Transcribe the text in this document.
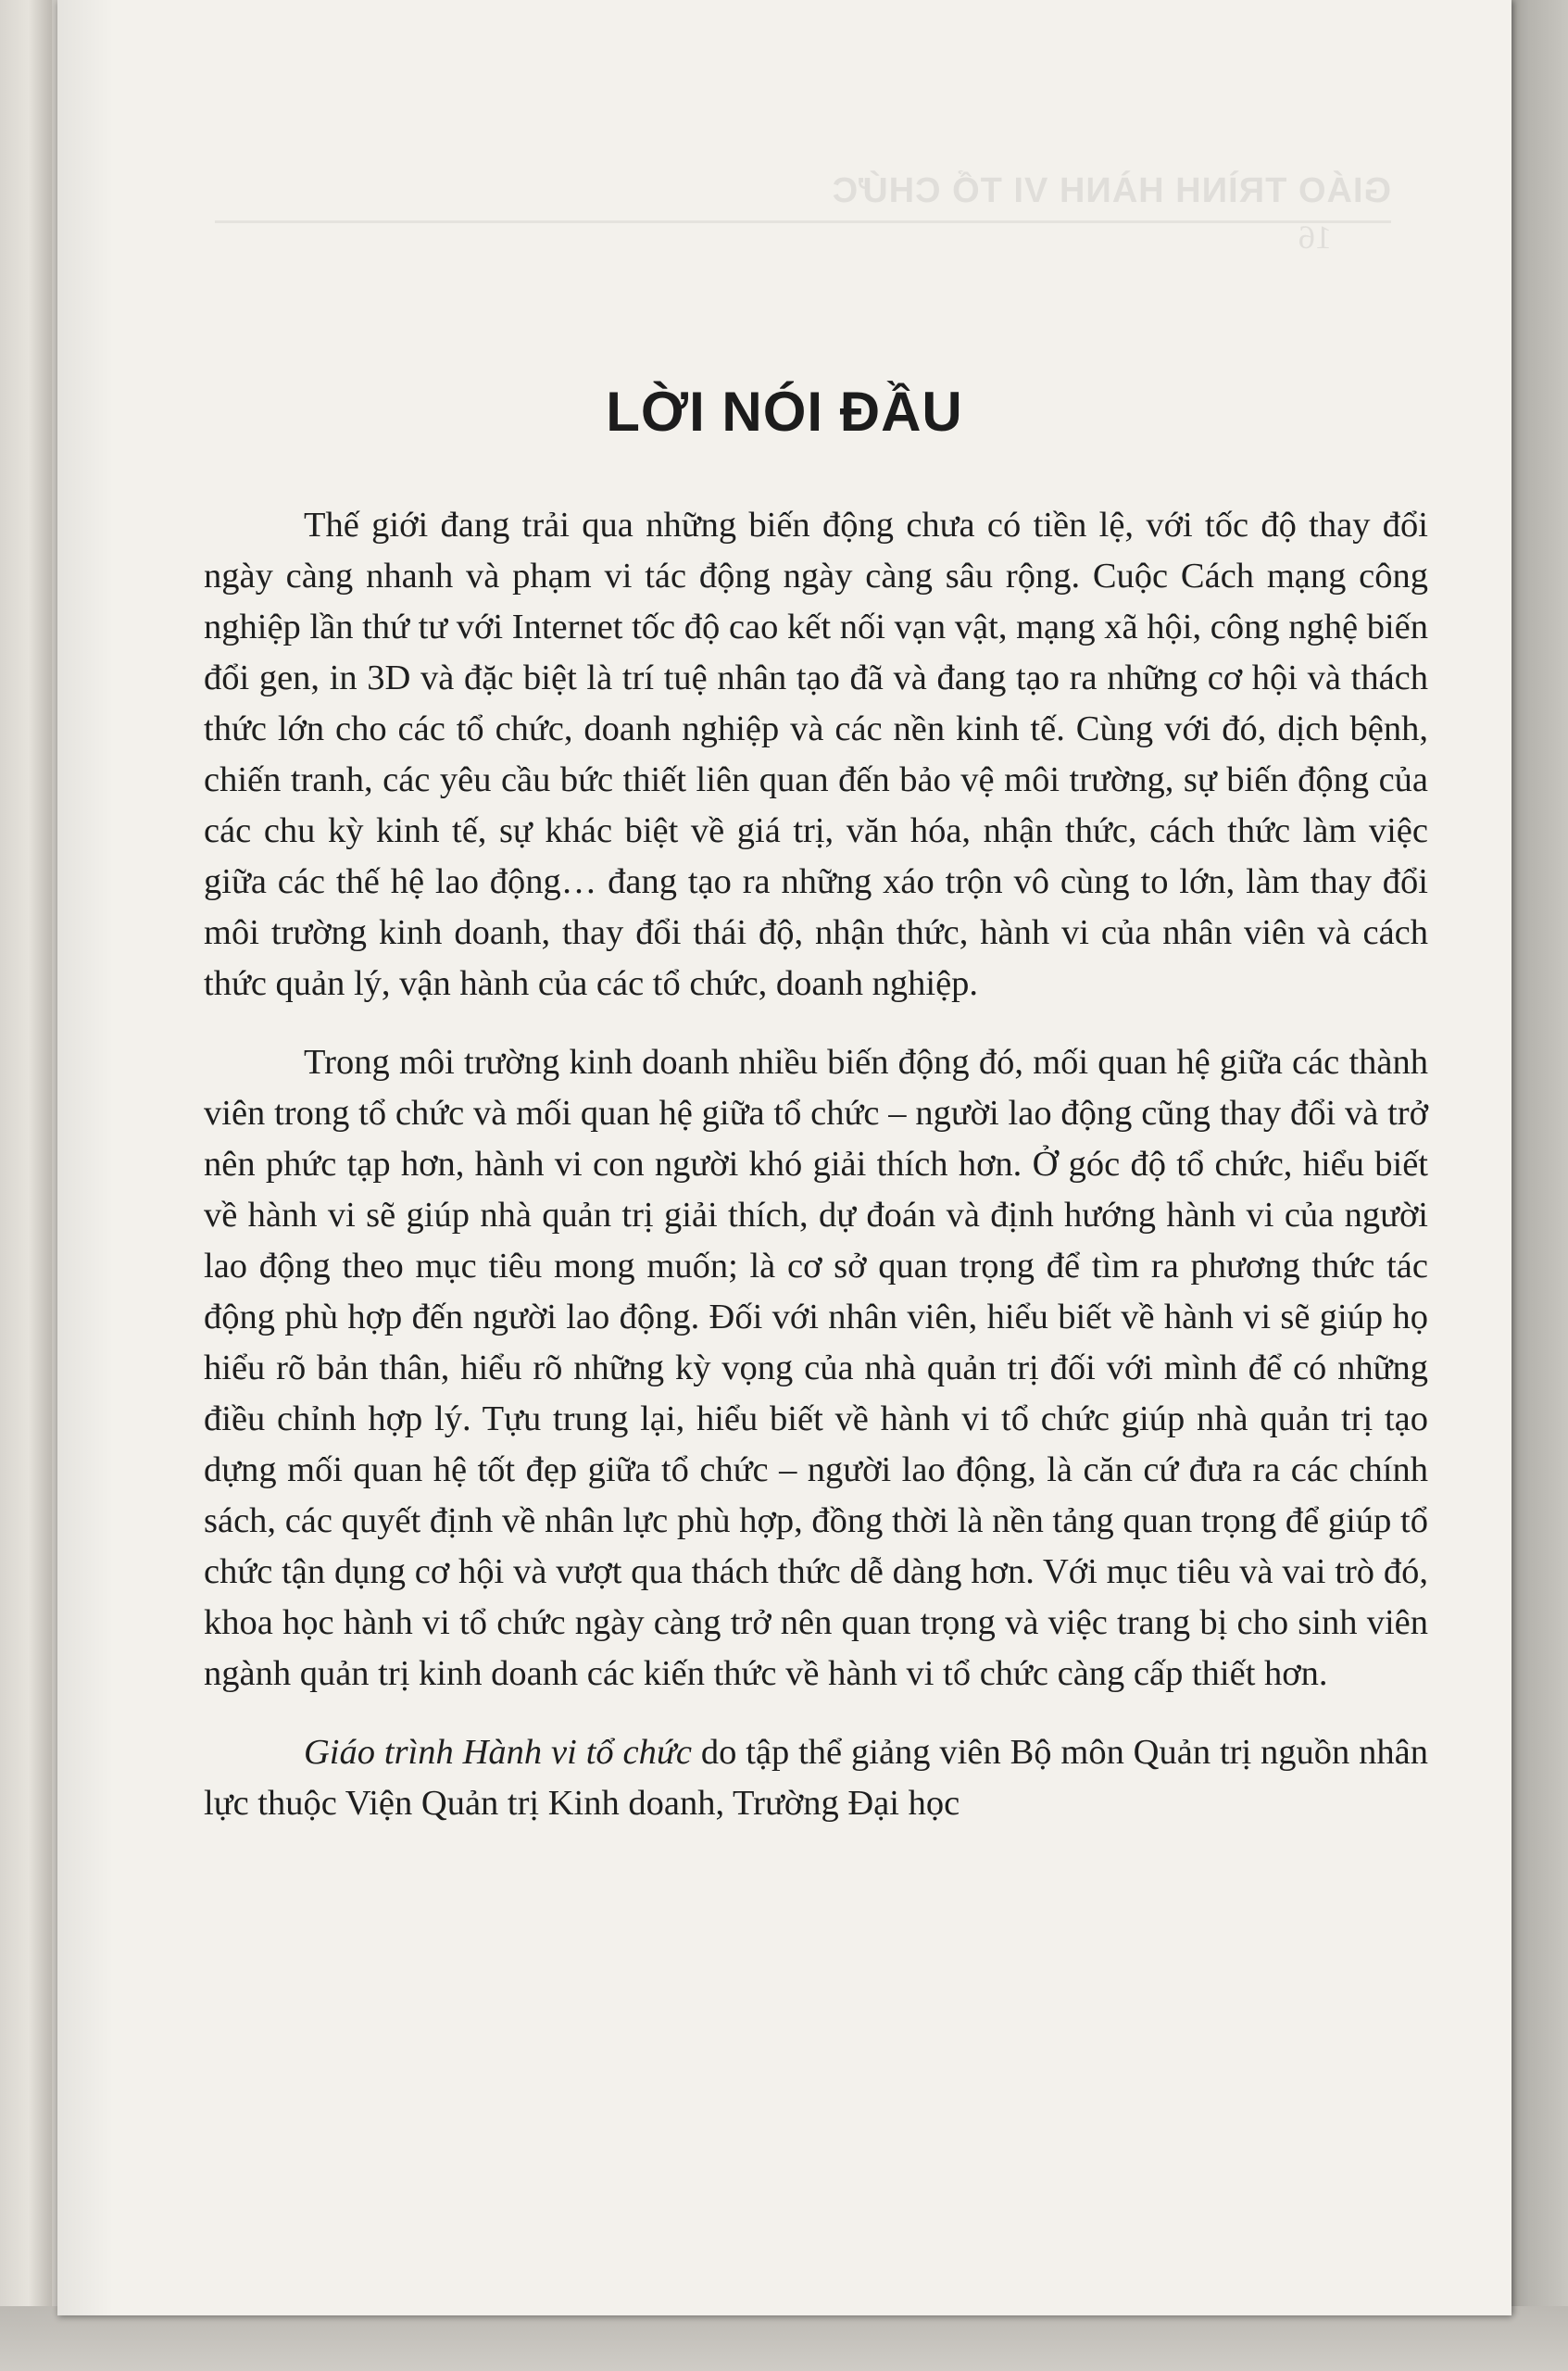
GIÁO TRÌNH HÀNH VI TỔ CHỨC
16
LỜI NÓI ĐẦU

Thế giới đang trải qua những biến động chưa có tiền lệ, với tốc độ thay đổi ngày càng nhanh và phạm vi tác động ngày càng sâu rộng. Cuộc Cách mạng công nghiệp lần thứ tư với Internet tốc độ cao kết nối vạn vật, mạng xã hội, công nghệ biến đổi gen, in 3D và đặc biệt là trí tuệ nhân tạo đã và đang tạo ra những cơ hội và thách thức lớn cho các tổ chức, doanh nghiệp và các nền kinh tế. Cùng với đó, dịch bệnh, chiến tranh, các yêu cầu bức thiết liên quan đến bảo vệ môi trường, sự biến động của các chu kỳ kinh tế, sự khác biệt về giá trị, văn hóa, nhận thức, cách thức làm việc giữa các thế hệ lao động… đang tạo ra những xáo trộn vô cùng to lớn, làm thay đổi môi trường kinh doanh, thay đổi thái độ, nhận thức, hành vi của nhân viên và cách thức quản lý, vận hành của các tổ chức, doanh nghiệp.

Trong môi trường kinh doanh nhiều biến động đó, mối quan hệ giữa các thành viên trong tổ chức và mối quan hệ giữa tổ chức – người lao động cũng thay đổi và trở nên phức tạp hơn, hành vi con người khó giải thích hơn. Ở góc độ tổ chức, hiểu biết về hành vi sẽ giúp nhà quản trị giải thích, dự đoán và định hướng hành vi của người lao động theo mục tiêu mong muốn; là cơ sở quan trọng để tìm ra phương thức tác động phù hợp đến người lao động. Đối với nhân viên, hiểu biết về hành vi sẽ giúp họ hiểu rõ bản thân, hiểu rõ những kỳ vọng của nhà quản trị đối với mình để có những điều chỉnh hợp lý. Tựu trung lại, hiểu biết về hành vi tổ chức giúp nhà quản trị tạo dựng mối quan hệ tốt đẹp giữa tổ chức – người lao động, là căn cứ đưa ra các chính sách, các quyết định về nhân lực phù hợp, đồng thời là nền tảng quan trọng để giúp tổ chức tận dụng cơ hội và vượt qua thách thức dễ dàng hơn. Với mục tiêu và vai trò đó, khoa học hành vi tổ chức ngày càng trở nên quan trọng và việc trang bị cho sinh viên ngành quản trị kinh doanh các kiến thức về hành vi tổ chức càng cấp thiết hơn.

Giáo trình Hành vi tổ chức do tập thể giảng viên Bộ môn Quản trị nguồn nhân lực thuộc Viện Quản trị Kinh doanh, Trường Đại học
